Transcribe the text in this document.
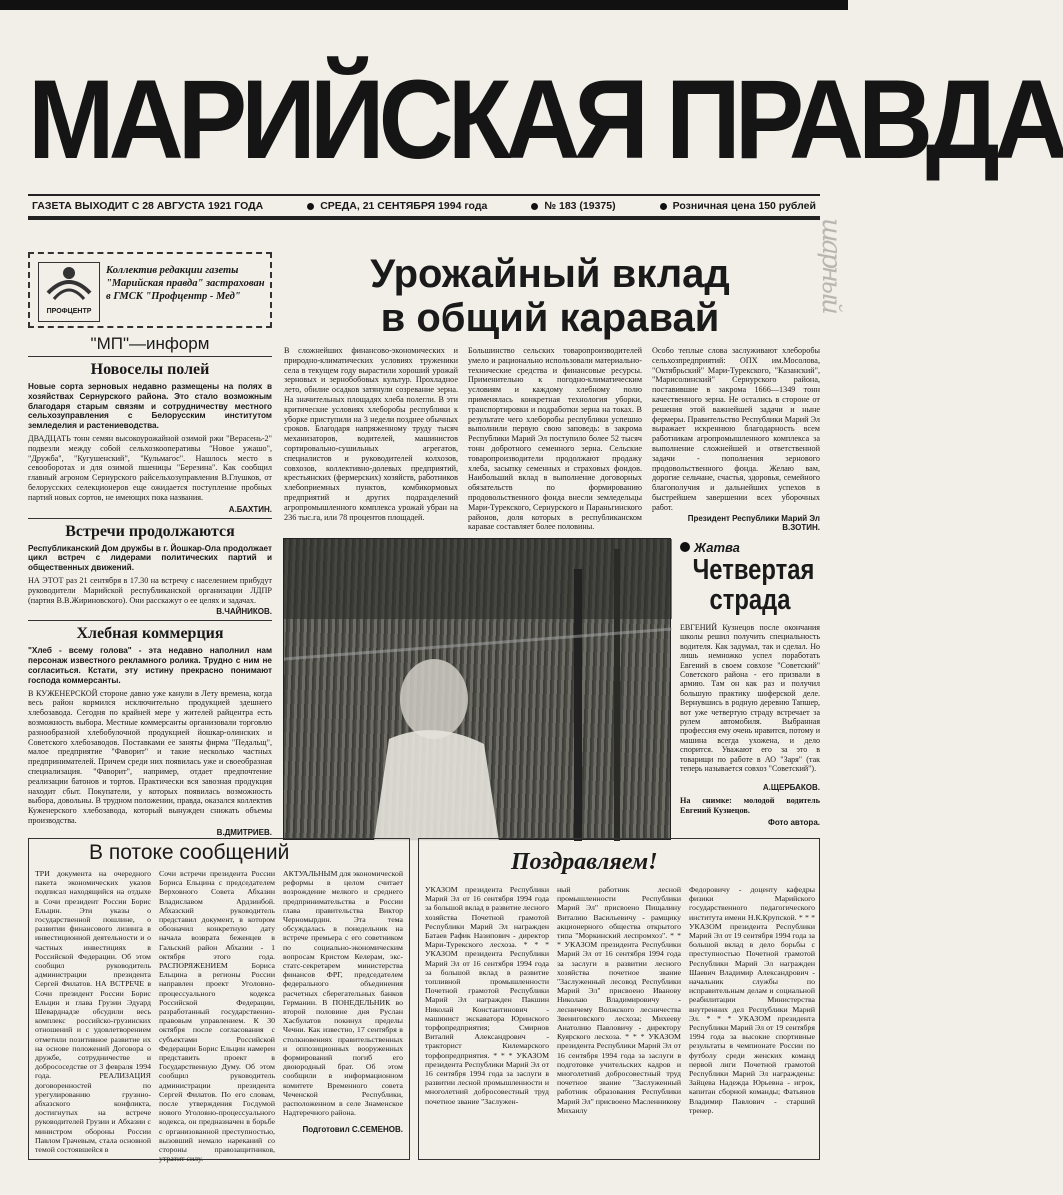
шарный
МАРИЙСКАЯ ПРАВДА
ГАЗЕТА ВЫХОДИТ С 28 АВГУСТА 1921 ГОДА	СРЕДА, 21 СЕНТЯБРЯ 1994 года	№ 183 (19375)	Розничная цена 150 рублей
ПРОФЦЕНТР
Коллектив редакции газеты "Марийская правда" застрахован в ГМСК "Профцентр - Мед"
"МП"—информ
Новоселы полей

Новые сорта зерновых недавно размещены на полях в хозяйствах Сернурского района. Это стало возможным благодаря старым связям и сотрудничеству местного сельхозуправления с Белорусским институтом земледелия и растениеводства.

ДВАДЦАТЬ тонн семян высокоурожайной озимой ржи "Верасень-2" подвезли между собой сельхозкооперативы "Новое ужашо", "Дружба", "Кугушенский", "Кульмагос". Нашлось место в севооборотах и для озимой пшеницы "Березина". Как сообщил главный агроном Сернурского райсельхозуправления В.Глушков, от белорусских селекционеров еще ожидается поступление пробных партий новых сортов, не имеющих пока названия.

А.БАХТИН.
Встречи продолжаются

Республиканский Дом дружбы в г. Йошкар-Ола продолжает цикл встреч с лидерами политических партий и общественных движений.

НА ЭТОТ раз 21 сентября в 17.30 на встречу с населением прибудут руководители Марийской республиканской организации ЛДПР (партия В.В.Жириновского). Они расскажут о ее целях и задачах.

В.ЧАЙНИКОВ.
Хлебная коммерция

"Хлеб - всему голова" - эта недавно наполнил нам персонаж известного рекламного ролика. Трудно с ним не согласиться. Кстати, эту истину прекрасно понимают господа коммерсанты.

В КУЖЕНЕРСКОЙ стороне давно уже канули в Лету времена, когда весь район кормился исключительно продукцией здешнего хлебозавода. Сегодня по крайней мере у жителей райцентра есть возможность выбора. Местные коммерсанты организовали торговлю разнообразной хлебобулочной продукцией йошкар-олинских и Советского хлебозаводов. Поставками ее заняты фирма "Педальщ", малое предприятие "Фаворит" и такие несколько частных предпринимателей. Причем среди них появилась уже и своеобразная специализация. "Фаворит", например, отдает предпочтение реализации батонов и тортов. Практически вся завозная продукция находит сбыт. Покупатели, у которых появилась возможность выбора, довольны. В трудном положении, правда, оказался коллектив Куженерского хлебозавода, который вынужден снижать объемы производства.

В.ДМИТРИЕВ.
Урожайный вклад
в общий каравай

В сложнейших финансово-экономических и природно-климатических условиях труженики села в текущем году вырастили хороший урожай зерновых и зернобобовых культур. Прохладное лето, обилие осадков затянули созревание зерна. На значительных площадях хлеба полегли. В эти критические условиях хлеборобы республики к уборке приступили на 3 недели позднее обычных сроков. Благодаря напряженному труду тысяч механизаторов, водителей, машинистов сортировально-сушильных агрегатов, специалистов и руководителей колхозов, совхозов, коллективно-долевых предприятий, крестьянских (фермерских) хозяйств, работников хлебоприемных пунктов, комбикормовых предприятий и других подразделений агропромышленного комплекса урожай убран на 236 тыс.га, или 78 процентов площадей.

Большинство сельских товаропроизводителей умело и рационально использовали материально-технические средства и финансовые ресурсы. Применительно к погодно-климатическим условиям и каждому хлебному полю применялась конкретная технология уборки, транспортировки и подработки зерна на токах. В результате чего хлеборобы республики успешно выполнили первую свою заповедь: в закрома Республики Марий Эл поступило более 52 тысяч тонн добротного семенного зерна. Сельские товаропроизводители продолжают продажу хлеба, засыпку семенных и страховых фондов. Наибольший вклад в выполнение договорных обязательств по формированию продовольственного фонда внесли земледельцы Мари-Турекского, Сернурского и Параньгинского районов, доля которых в республиканском каравае составляет более половины.

Особо теплые слова заслуживают хлеборобы сельхозпредприятий: ОПХ им.Мосолова, "Октябрьский" Мари-Турекского, "Казанский", "Марисолинский" Сернурского района, поставившие в закрома 1666—1349 тонн качественного зерна. Не остались в стороне от решения этой важнейшей задачи и ныне фермеры. Правительство Республики Марий Эл выражает искреннюю благодарность всем работникам агропромышленного комплекса за выполнение сложнейшей и ответственной задачи - пополнения зернового продовольственного фонда. Желаю вам, дорогие сельчане, счастья, здоровья, семейного благополучия и дальнейших успехов в быстрейшем завершении всех уборочных работ.

Президент Республики Марий Эл В.ЗОТИН.
Жатва
Четвертая
страда

ЕВГЕНИЙ Кузнецов после окончания школы решил получить специальность водителя. Как задумал, так и сделал. Но лишь немножко успел поработать Евгений в своем совхозе "Советский" Советского района - его призвали в армию. Там он как раз и получил большую практику шоферской деле. Вернувшись в родную деревню Тапшер, вот уже четвертую страду встречает за рулем автомобиля. Выбранная профессия ему очень нравится, потому и машина всегда ухожена, и дело спорится. Уважают его за это в товарищи по работе в АО "Заря" (так теперь называется совхоз "Советский").

А.ЩЕРБАКОВ.

На снимке: молодой водитель Евгений Кузнецов.

Фото автора.
В потоке сообщений

ТРИ документа на очередного пакета экономических указов подписал находящийся на отдыхе в Сочи президент России Борис Ельцин. Эти указы о государственной пошлине, о развитии финансового лизинга в инвестиционной деятельности и о частных инвестициях в Российской Федерации. Об этом сообщил руководитель администрации президента Сергей Филатов. НА ВСТРЕЧЕ в Сочи президент России Борис Ельцин и глава Грузии Эдуард Шеварднадзе обсудили весь комплекс российско-грузинских отношений и с удовлетворением отметили позитивное развитие их на основе положений Договора о дружбе, сотрудничестве и добрососедстве от 3 февраля 1994 года. РЕАЛИЗАЦИЯ договоренностей по урегулированию грузино-абхазского конфликта, достигнутых на встрече руководителей Грузии и Абхазии с министром обороны России Павлом Грачевым, стала основной темой состоявшейся в

Сочи встречи президента России Бориса Ельцина с председателем Верховного Совета Абхазии Владиславом Ардзинбой. Абхазский руководитель представил документ, в котором обозначил конкретную дату начала возврата беженцев в Гальский район Абхазии - 1 октября этого года. РАСПОРЯЖЕНИЕМ Бориса Ельцина в регионы России направлен проект Уголовно-процессуального кодекса Российской Федерации, разработанный государственно-правовым управлением. К 30 октября после согласования с субъектами Российской Федерации Борис Ельцин намерен представить проект в Государственную Думу. Об этом сообщил руководитель администрации президента Сергей Филатов. По его словам, после утверждения Госдумой нового Уголовно-процессуального кодекса, он предназначен в борьбе с организованной преступностью, вызовший немало нареканий со стороны правозащитников, утратит силу.

АКТУАЛЬНЫМ для экономической реформы в целом считает возрождение мелкого и среднего предпринимательства в России глава правительства Виктор Черномырдин. Эта тема обсуждалась в понедельник на встрече премьера с его советником по социально-экономическим вопросам Кристом Келерам, экс-статс-секретарем министерства финансов ФРГ, председателем федерального объединения расчетных сберегательных банков Германии. В ПОНЕДЕЛЬНИК во второй половине дня Руслан Хасбулатов покинул пределы Чечни. Как известно, 17 сентября в столкновениях правительственных и оппозиционных вооруженных формирований погиб его двоюродный брат. Об этом сообщили в информационном комитете Временного совета Чеченской Республики, расположенном в селе Знаменское Надтеречного района.

Подготовил С.СЕМЕНОВ.
Поздравляем!

УКАЗОМ президента Республики Марий Эл от 16 сентября 1994 года за большой вклад в развитие лесного хозяйства Почетной грамотой Республики Марий Эл награжден Батаев Рафик Назипович - директор Мари-Турекского лесхоза. * * * УКАЗОМ президента Республики Марий Эл от 16 сентября 1994 года за большой вклад в развитие топливной промышленности Почетной грамотой Республики Марий Эл награжден Пакшин Николай Константинович - машинист экскаватора Юринского торфопредприятия; Смирнов Виталий Александрович - тракторист Килемарского торфопредприятия. * * * УКАЗОМ президента Республики Марий Эл от 16 сентября 1994 года за заслуги в развитии лесной промышленности и многолетний добросовестный труд почетное звание "Заслужен-

ный работник лесной промышленности Республики Марий Эл" присвоено Пищалину Виталию Васильевичу - рамщику акционерного общества открытого типа "Моркинский леспромхоз". * * * УКАЗОМ президента Республики Марий Эл от 16 сентября 1994 года за заслуги в развитии лесного хозяйства почетное звание "Заслуженный лесовод Республики Марий Эл" присвоено Иванову Николаю Владимировичу - лесничему Волжского лесничества Звениговского лесхоза; Михееву Анатолию Павловичу - директору Куярского лесхоза. * * * УКАЗОМ президента Республики Марий Эл от 16 сентября 1994 года за заслуги в подготовке учительских кадров и многолетний добросовестный труд почетное звание "Заслуженный работник образования Республики Марий Эл" присвоено Масленникову Михаилу

Федоровичу - доценту кафедры физики Марийского государственного педагогического института имени Н.К.Крупской. * * * УКАЗОМ президента Республики Марий Эл от 19 сентября 1994 года за большой вклад в дело борьбы с преступностью Почетной грамотой Республики Марий Эл награжден Шаевич Владимир Александрович - начальник службы по исправительным делам и социальной реабилитации Министерства внутренних дел Республики Марий Эл. * * * УКАЗОМ президента Республики Марий Эл от 19 сентября 1994 года за высокие спортивные результаты в чемпионате России по футболу среди женских команд первой лиги Почетной грамотой Республики Марий Эл награждены: Зайцева Надежда Юрьевна - игрок, капитан сборной команды; Фатьянов Владимир Павлович - старший тренер.
